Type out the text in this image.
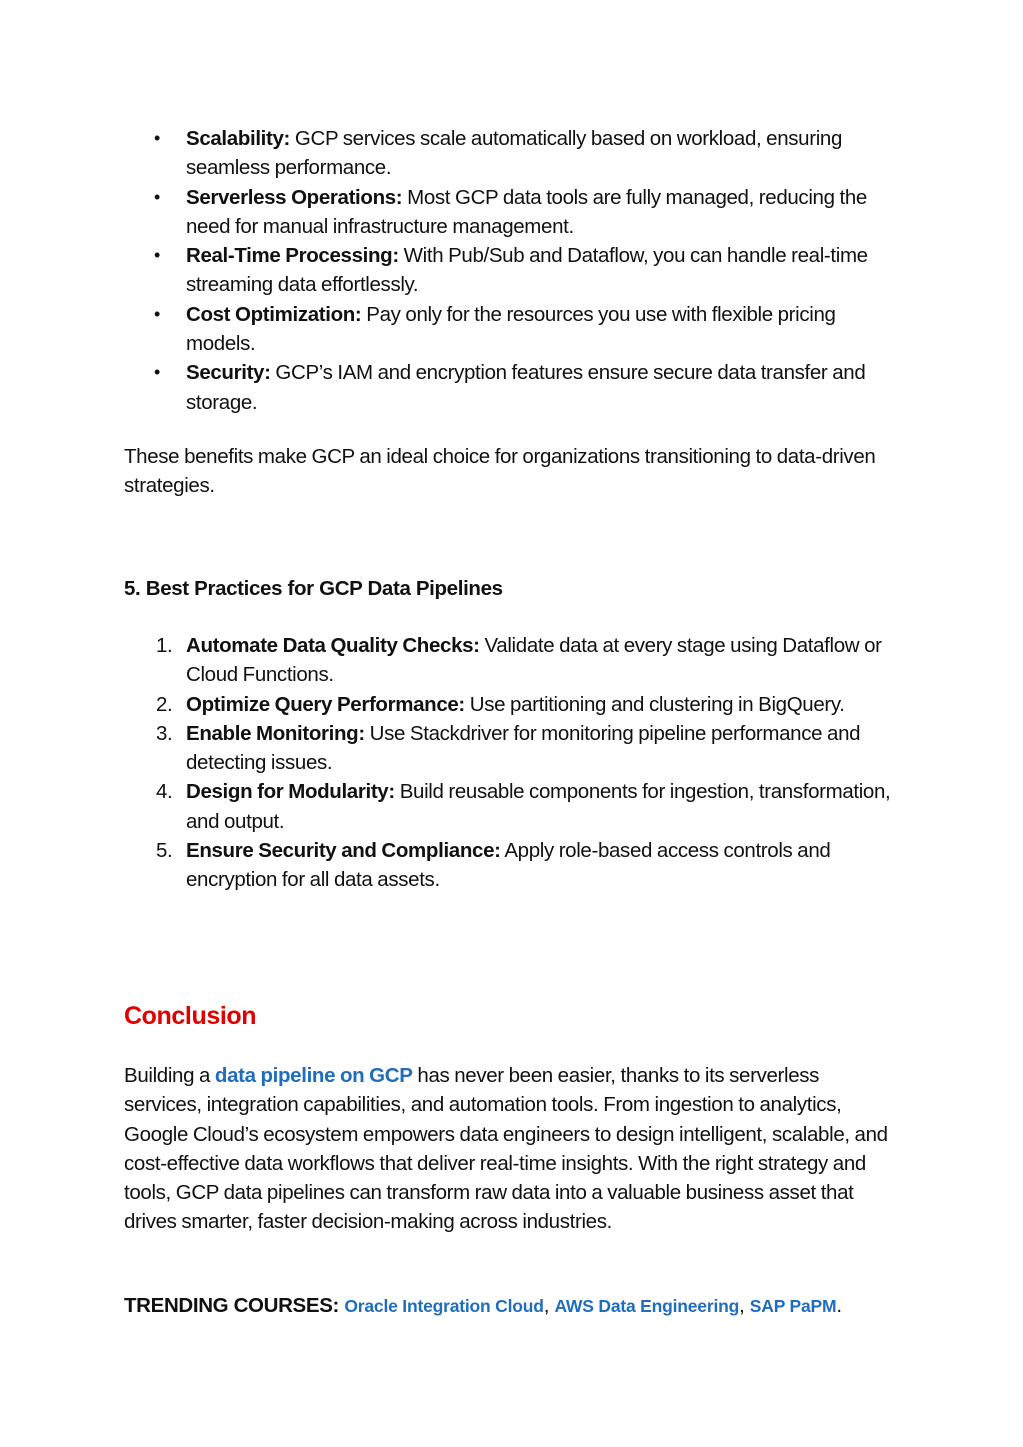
• Scalability: GCP services scale automatically based on workload, ensuring seamless performance.
• Serverless Operations: Most GCP data tools are fully managed, reducing the need for manual infrastructure management.
• Real-Time Processing: With Pub/Sub and Dataflow, you can handle real-time streaming data effortlessly.
• Cost Optimization: Pay only for the resources you use with flexible pricing models.
• Security: GCP’s IAM and encryption features ensure secure data transfer and storage.

These benefits make GCP an ideal choice for organizations transitioning to data-driven strategies.

5. Best Practices for GCP Data Pipelines
1. Automate Data Quality Checks: Validate data at every stage using Dataflow or Cloud Functions.
2. Optimize Query Performance: Use partitioning and clustering in BigQuery.
3. Enable Monitoring: Use Stackdriver for monitoring pipeline performance and detecting issues.
4. Design for Modularity: Build reusable components for ingestion, transformation, and output.
5. Ensure Security and Compliance: Apply role-based access controls and encryption for all data assets.
Conclusion

Building a data pipeline on GCP has never been easier, thanks to its serverless services, integration capabilities, and automation tools. From ingestion to analytics, Google Cloud’s ecosystem empowers data engineers to design intelligent, scalable, and cost-effective data workflows that deliver real-time insights. With the right strategy and tools, GCP data pipelines can transform raw data into a valuable business asset that drives smarter, faster decision-making across industries.

TRENDING COURSES: Oracle Integration Cloud, AWS Data Engineering, SAP PaPM.
